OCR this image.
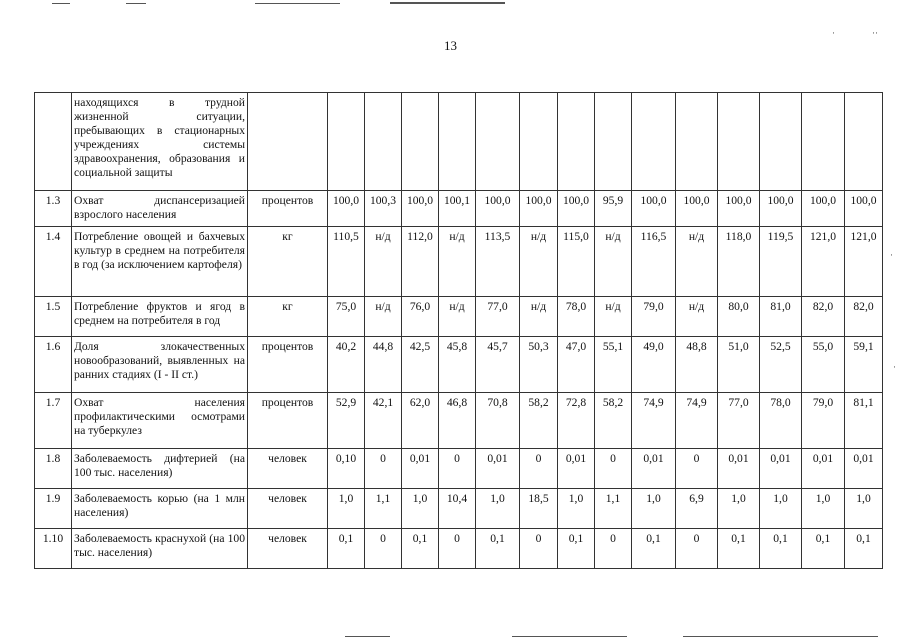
·	··
·
·
13
	находящихся в трудной жизненной ситуации, пребывающих в стационарных учреждениях системы здравоохранения, образования и социальной защиты															
1.3	Охват диспансеризацией взрослого населения	процентов	100,0	100,3	100,0	100,1	100,0	100,0	100,0	95,9	100,0	100,0	100,0	100,0	100,0	100,0
1.4	Потребление овощей и бахчевых культур в среднем на потребителя в год (за исключением картофеля)	кг	110,5	н/д	112,0	н/д	113,5	н/д	115,0	н/д	116,5	н/д	118,0	119,5	121,0	121,0
1.5	Потребление фруктов и ягод в среднем на потребителя в год	кг	75,0	н/д	76,0	н/д	77,0	н/д	78,0	н/д	79,0	н/д	80,0	81,0	82,0	82,0
1.6	Доля злокачественных новообразований, выявленных на ранних стадиях (I - II ст.)	процентов	40,2	44,8	42,5	45,8	45,7	50,3	47,0	55,1	49,0	48,8	51,0	52,5	55,0	59,1
1.7	Охват населения профилактическими осмотрами на туберкулез	процентов	52,9	42,1	62,0	46,8	70,8	58,2	72,8	58,2	74,9	74,9	77,0	78,0	79,0	81,1
1.8	Заболеваемость дифтерией (на 100 тыс. населения)	человек	0,10	0	0,01	0	0,01	0	0,01	0	0,01	0	0,01	0,01	0,01	0,01
1.9	Заболеваемость корью (на 1 млн населения)	человек	1,0	1,1	1,0	10,4	1,0	18,5	1,0	1,1	1,0	6,9	1,0	1,0	1,0	1,0
1.10	Заболеваемость краснухой (на 100 тыс. населения)	человек	0,1	0	0,1	0	0,1	0	0,1	0	0,1	0	0,1	0,1	0,1	0,1
